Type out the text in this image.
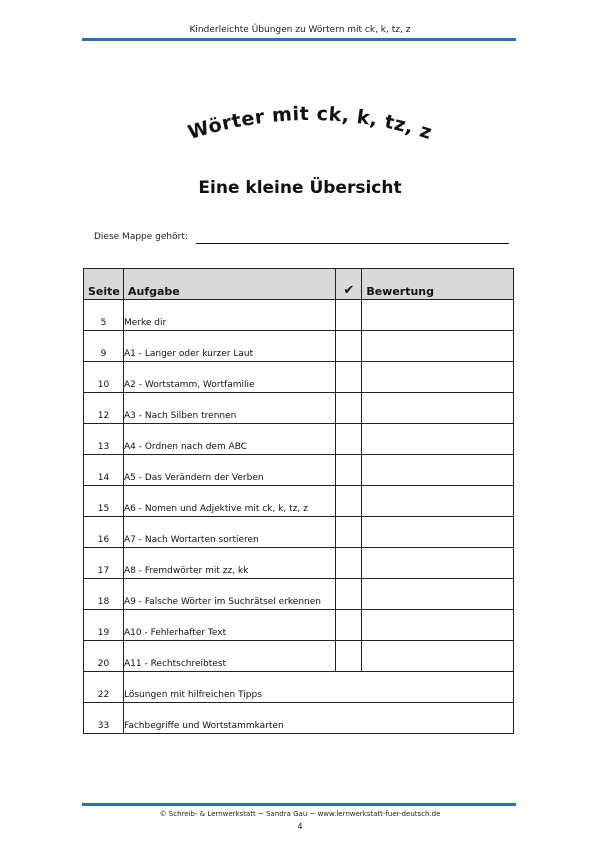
Kinderleichte Übungen zu Wörtern mit ck, k, tz, z
Wörter mit ck, k, tz, z
Eine kleine Übersicht
Diese Mappe gehört:
Seite	Aufgabe	✔	Bewertung
5	Merke dir		
9	A1 - Langer oder kurzer Laut		
10	A2 - Wortstamm, Wortfamilie		
12	A3 - Nach Silben trennen		
13	A4 - Ordnen nach dem ABC		
14	A5 - Das Verändern der Verben		
15	A6 - Nomen und Adjektive mit ck, k, tz, z		
16	A7 - Nach Wortarten sortieren		
17	A8 - Fremdwörter mit zz, kk		
18	A9 - Falsche Wörter im Suchrätsel erkennen		
19	A10 - Fehlerhafter Text		
20	A11 - Rechtschreibtest		
22	Lösungen mit hilfreichen Tipps		
33	Fachbegriffe und Wortstammkarten		
© Schreib- & Lernwerkstatt ~ Sandra Gau ~ www.lernwerkstatt-fuer-deutsch.de
4
